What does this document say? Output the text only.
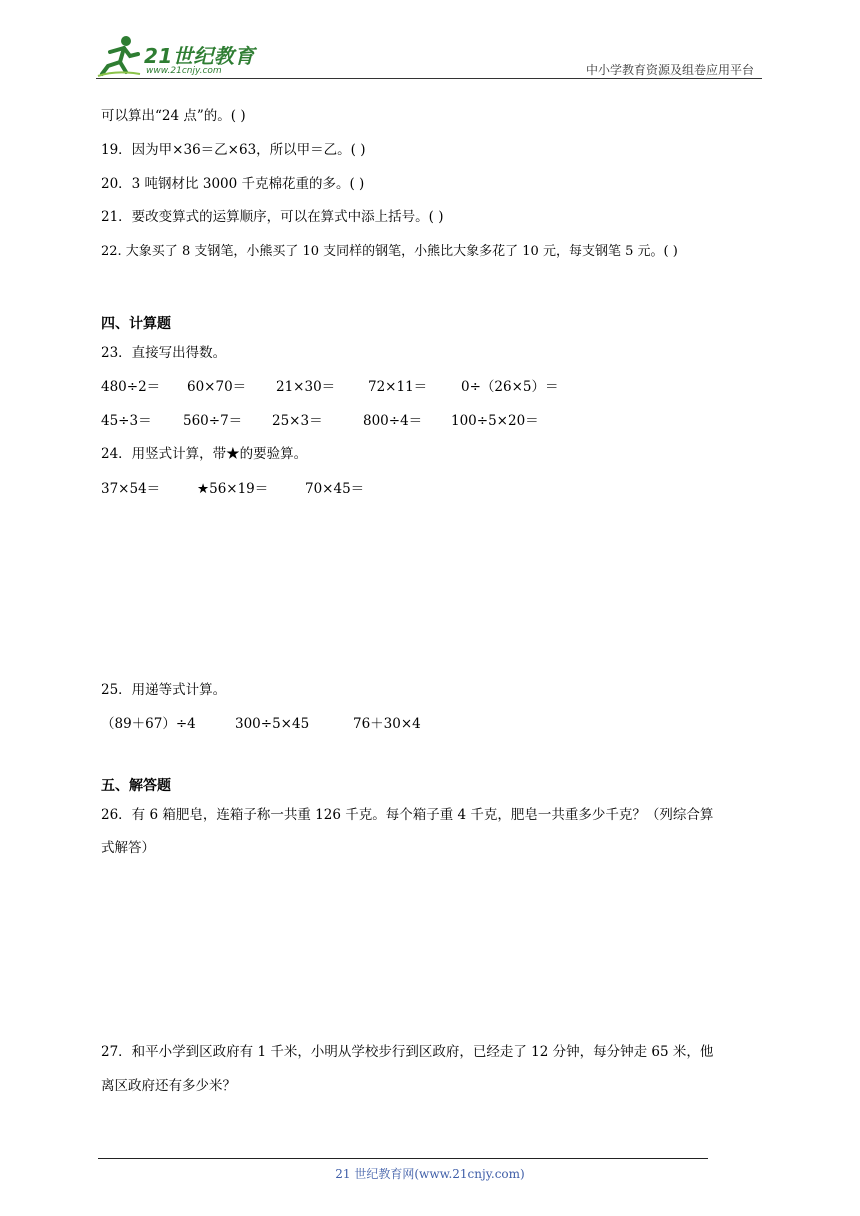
21世纪教育
www.21cnjy.com	中小学教育资源及组卷应用平台
可以算出“24 点”的。( )
19．因为甲×36＝乙×63，所以甲＝乙。( )
20．3 吨钢材比 3000 千克棉花重的多。( )
21．要改变算式的运算顺序，可以在算式中添上括号。( )
22. 大象买了 8 支钢笔，小熊买了 10 支同样的钢笔，小熊比大象多花了 10 元，每支钢笔 5 元。( )
四、计算题
23．直接写出得数。
480÷2＝ 60×70＝ 21×30＝ 72×11＝	0÷（26×5）＝
45÷3＝ 560÷7＝ 25×3＝	800÷4＝ 100÷5×20＝
24．用竖式计算，带★的要验算。
37×54＝	★56×19＝	70×45＝
25．用递等式计算。
（89＋67）÷4	300÷5×45	76＋30×4
五、解答题
26．有 6 箱肥皂，连箱子称一共重 126 千克。每个箱子重 4 千克，肥皂一共重多少千克？（列综合算
式解答）
27．和平小学到区政府有 1 千米，小明从学校步行到区政府，已经走了 12 分钟，每分钟走 65 米，他
离区政府还有多少米？
21 世纪教育网(www.21cnjy.com)
